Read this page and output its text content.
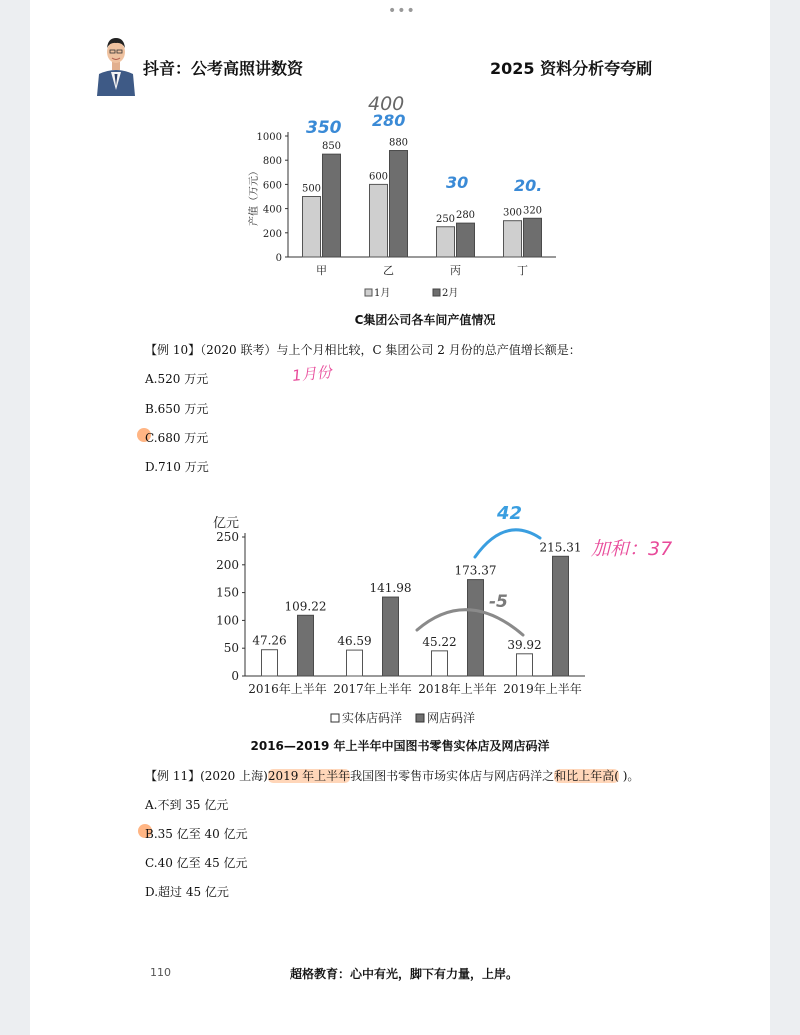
•••
抖音：公考高照讲数资	2025 资料分析夸夸刷
0
200
400
600
800
1000
500
850
甲
600
880
乙
250 280
丙
300 320
丁
产值（万元）
1月	2月
350
400
280
30	20.
C集团公司各车间产值情况
【例 10】（2020 联考）与上个月相比较，C 集团公司 2 月份的总产值增长额是：
1月份
A.520 万元
B.650 万元
C.680 万元
D.710 万元
0
50
100
150
200
250
47.26
109.22
2016年上半年
46.59
141.98
2017年上半年
45.22
173.37
2018年上半年
39.92
215.31
2019年上半年
亿元
实体店码洋 网店码洋
42
-5
加和：37
2016—2019 年上半年中国图书零售实体店及网店码洋
【例 11】(2020 上海)2019 年上半年我国图书零售市场实体店与网店码洋之和比上年高( )。
A.不到 35 亿元
B.35 亿至 40 亿元
C.40 亿至 45 亿元
D.超过 45 亿元
110	超格教育：心中有光，脚下有力量，上岸。
